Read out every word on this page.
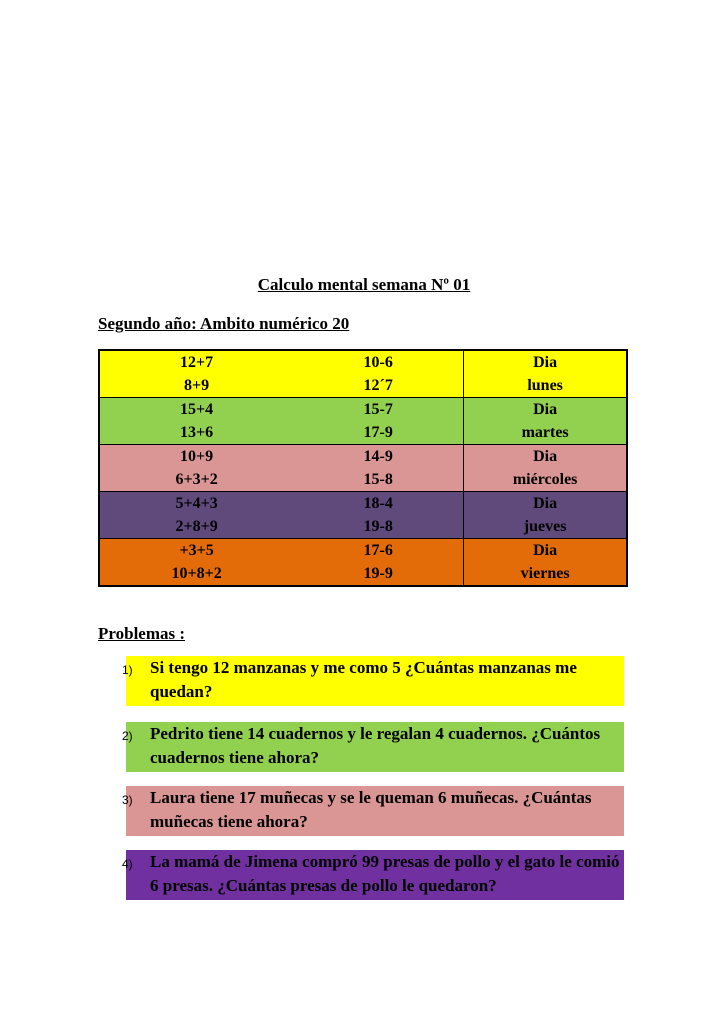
Calculo mental semana Nº 01
Segundo año: Ambito numérico 20
12+7	10-6	Dia
8+9	12´7	lunes
15+4	15-7	Dia
13+6	17-9	martes
10+9	14-9	Dia
6+3+2	15-8	miércoles
5+4+3	18-4	Dia
2+8+9	19-8	jueves
+3+5	17-6	Dia
10+8+2	19-9	viernes
Problemas :
1) Si tengo 12 manzanas y me como 5 ¿Cuántas manzanas me quedan?
2) Pedrito tiene 14 cuadernos y le regalan 4 cuadernos. ¿Cuántos cuadernos tiene ahora?
3) Laura tiene 17 muñecas y se le queman 6 muñecas. ¿Cuántas muñecas tiene ahora?
4) La mamá de Jimena compró 99 presas de pollo y el gato le comió 6 presas. ¿Cuántas presas de pollo le quedaron?
